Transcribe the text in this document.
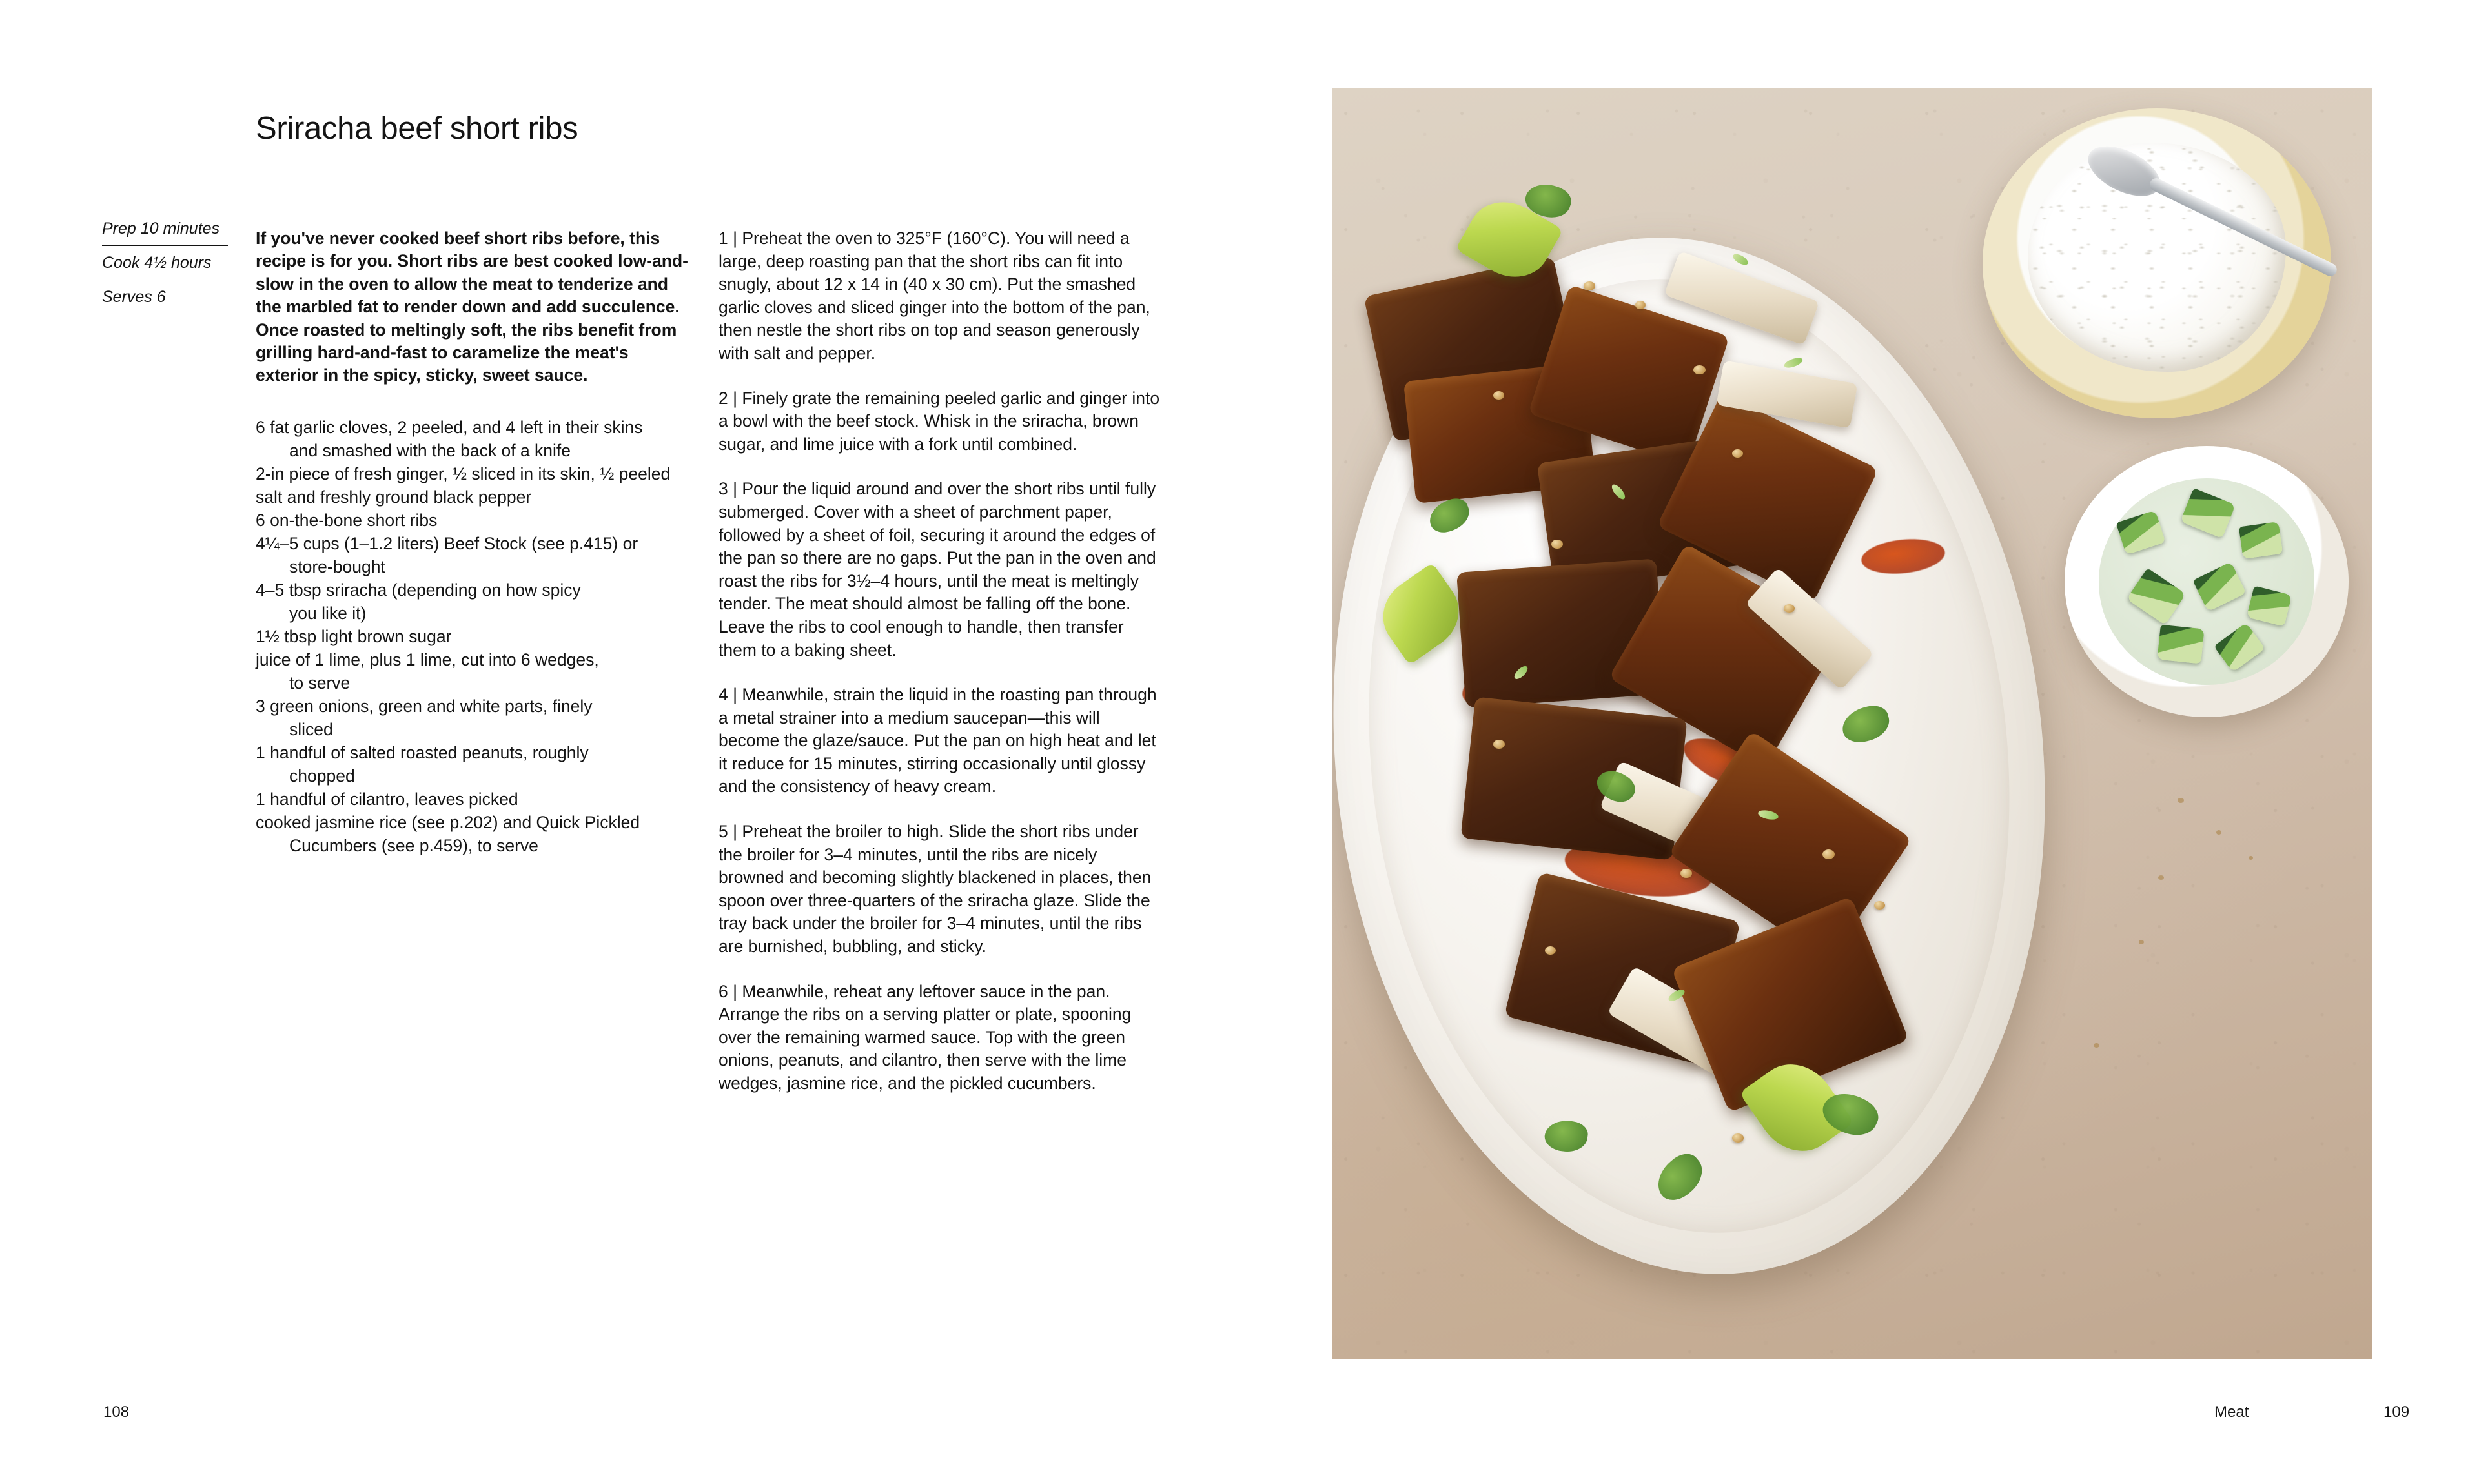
Sriracha beef short ribs
Prep 10 minutes
Cook 4½ hours
Serves 6

If you've never cooked beef short ribs before, this recipe is for you. Short ribs are best cooked low-and-slow in the oven to allow the meat to tenderize and the marbled fat to render down and add succulence. Once roasted to meltingly soft, the ribs benefit from grilling hard-and-fast to caramelize the meat's exterior in the spicy, sticky, sweet sauce.

6 fat garlic cloves, 2 peeled, and 4 left in their skins
and smashed with the back of a knife
2-in piece of fresh ginger, ½ sliced in its skin, ½ peeled
salt and freshly ground black pepper
6 on-the-bone short ribs
4¼–5 cups (1–1.2 liters) Beef Stock (see p.415) or
store-bought
4–5 tbsp sriracha (depending on how spicy
you like it)
1½ tbsp light brown sugar
juice of 1 lime, plus 1 lime, cut into 6 wedges,
to serve
3 green onions, green and white parts, finely
sliced
1 handful of salted roasted peanuts, roughly
chopped
1 handful of cilantro, leaves picked
cooked jasmine rice (see p.202) and Quick Pickled
Cucumbers (see p.459), to serve

1 | Preheat the oven to 325°F (160°C). You will need a large, deep roasting pan that the short ribs can fit into snugly, about 12 x 14 in (40 x 30 cm). Put the smashed garlic cloves and sliced ginger into the bottom of the pan, then nestle the short ribs on top and season generously with salt and pepper.

2 | Finely grate the remaining peeled garlic and ginger into a bowl with the beef stock. Whisk in the sriracha, brown sugar, and lime juice with a fork until combined.

3 | Pour the liquid around and over the short ribs until fully submerged. Cover with a sheet of parchment paper, followed by a sheet of foil, securing it around the edges of the pan so there are no gaps. Put the pan in the oven and roast the ribs for 3½–4 hours, until the meat is meltingly tender. The meat should almost be falling off the bone. Leave the ribs to cool enough to handle, then transfer them to a baking sheet.

4 | Meanwhile, strain the liquid in the roasting pan through a metal strainer into a medium saucepan—this will become the glaze/sauce. Put the pan on high heat and let it reduce for 15 minutes, stirring occasionally until glossy and the consistency of heavy cream.

5 | Preheat the broiler to high. Slide the short ribs under the broiler for 3–4 minutes, until the ribs are nicely browned and becoming slightly blackened in places, then spoon over three-quarters of the sriracha glaze. Slide the tray back under the broiler for 3–4 minutes, until the ribs are burnished, bubbling, and sticky.

6 | Meanwhile, reheat any leftover sauce in the pan. Arrange the ribs on a serving platter or plate, spooning over the remaining warmed sauce. Top with the green onions, peanuts, and cilantro, then serve with the lime wedges, jasmine rice, and the pickled cucumbers.

108	Meat	109
